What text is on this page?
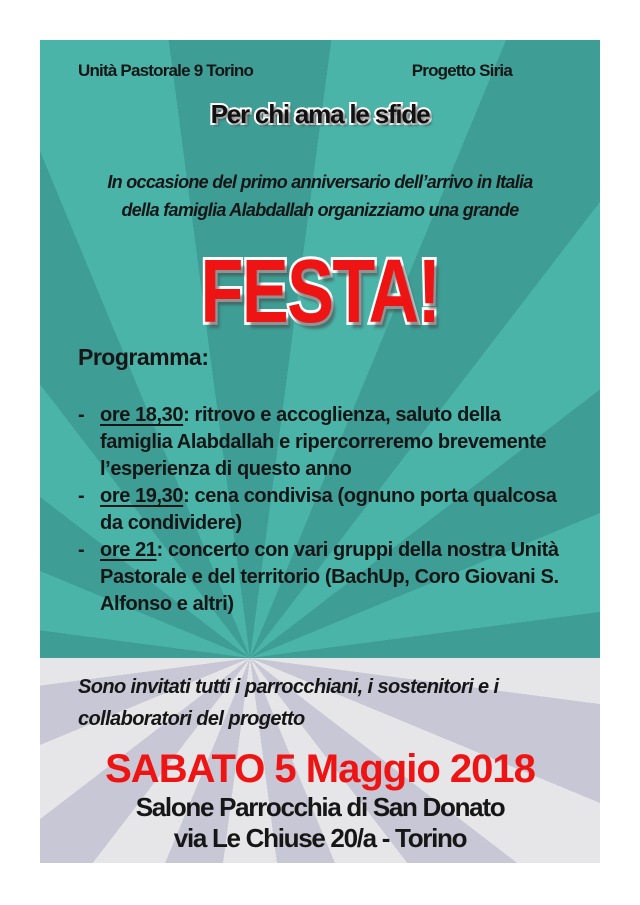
Unità Pastorale 9 Torino	Progetto Siria
Per chi ama le sfide
In occasione del primo anniversario dell’arrivo in Italia
della famiglia Alabdallah organizziamo una grande
FESTA!
Programma:
- ore 18,30: ritrovo e accoglienza, saluto della
famiglia Alabdallah e ripercorreremo brevemente
l’esperienza di questo anno
- ore 19,30: cena condivisa (ognuno porta qualcosa
da condividere)
- ore 21: concerto con vari gruppi della nostra Unità
Pastorale e del territorio (BachUp, Coro Giovani S.
Alfonso e altri)
Sono invitati tutti i parrocchiani, i sostenitori e i
collaboratori del progetto
SABATO 5 Maggio 2018
Salone Parrocchia di San Donato
via Le Chiuse 20/a - Torino
